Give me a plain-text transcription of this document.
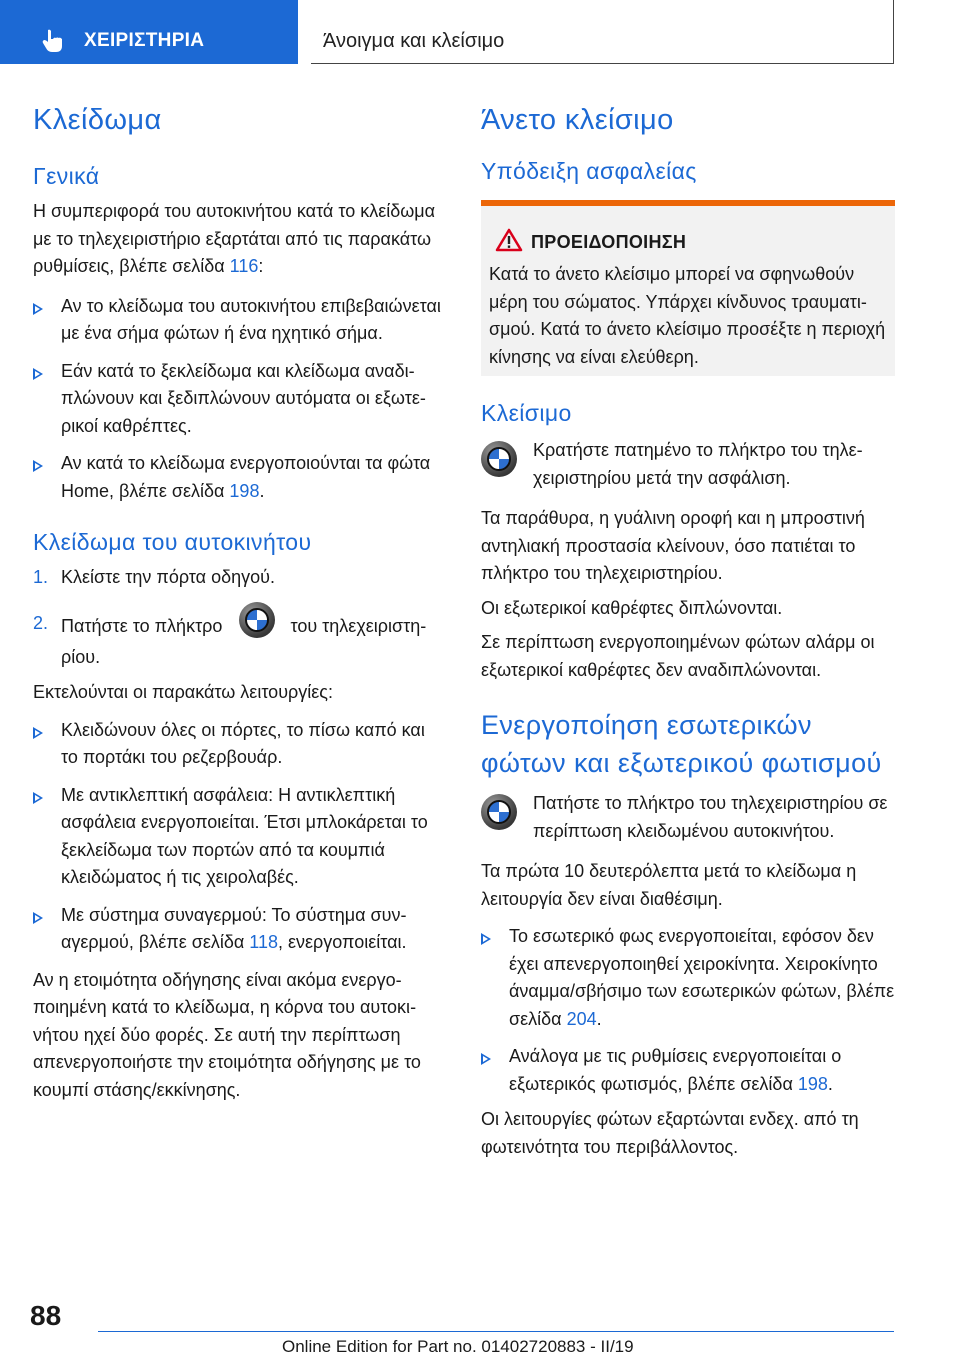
ΧΕΙΡΙΣΤΗΡΙΑ	Άνοιγμα και κλείσιμο
Κλείδωμα
Γενικά

Η συμπεριφορά του αυτοκινήτου κατά το κλείδωμα με το τηλεχειριστήριο εξαρτάται από τις παρακάτω ρυθμίσεις, βλέπε σελίδα 116:

Αν το κλείδωμα του αυτοκινήτου επιβεβαιώνεται με ένα σήμα φώτων ή ένα ηχητικό σήμα.
Εάν κατά το ξεκλείδωμα και κλείδωμα αναδιπλώνουν και ξεδιπλώνουν αυτόματα οι εξωτερικοί καθρέπτες.
Αν κατά το κλείδωμα ενεργοποιούνται τα φώτα Home, βλέπε σελίδα 198.
Κλείδωμα του αυτοκινήτου
1. Κλείστε την πόρτα οδηγού.
2. Πατήστε το πλήκτρο	του τηλεχειριστηρίου.

Εκτελούνται οι παρακάτω λειτουργίες:

Κλειδώνουν όλες οι πόρτες, το πίσω καπό και το πορτάκι του ρεζερβουάρ.
Με αντικλεπτική ασφάλεια: Η αντικλεπτική ασφάλεια ενεργοποιείται. Έτσι μπλοκάρεται το ξεκλείδωμα των πορτών από τα κουμπιά κλειδώματος ή τις χειρολαβές.
Με σύστημα συναγερμού: Το σύστημα συναγερμού, βλέπε σελίδα 118, ενεργοποιείται.

Αν η ετοιμότητα οδήγησης είναι ακόμα ενεργοποιημένη κατά το κλείδωμα, η κόρνα του αυτοκινήτου ηχεί δύο φορές. Σε αυτή την περίπτωση απενεργοποιήστε την ετοιμότητα οδήγησης με το κουμπί στάσης/εκκίνησης.

Άνετο κλείσιμο
Υπόδειξη ασφαλείας
ΠΡΟΕΙΔΟΠΟΙΗΣΗ
Κατά το άνετο κλείσιμο μπορεί να σφηνωθούν μέρη του σώματος. Υπάρχει κίνδυνος τραυματισμού. Κατά το άνετο κλείσιμο προσέξτε η περιοχή κίνησης να είναι ελεύθερη.
Κλείσιμο

Κρατήστε πατημένο το πλήκτρο του τηλεχειριστηρίου μετά την ασφάλιση.

Τα παράθυρα, η γυάλινη οροφή και η μπροστινή αντηλιακή προστασία κλείνουν, όσο πατιέται το πλήκτρο του τηλεχειριστηρίου.

Οι εξωτερικοί καθρέφτες διπλώνονται.

Σε περίπτωση ενεργοποιημένων φώτων αλάρμ οι εξωτερικοί καθρέφτες δεν αναδιπλώνονται.

Ενεργοποίηση εσωτερικών
φώτων και εξωτερικού φωτισμού

Πατήστε το πλήκτρο του τηλεχειριστηρίου σε περίπτωση κλειδωμένου αυτοκινήτου.

Τα πρώτα 10 δευτερόλεπτα μετά το κλείδωμα η λειτουργία δεν είναι διαθέσιμη.

Το εσωτερικό φως ενεργοποιείται, εφόσον δεν έχει απενεργοποιηθεί χειροκίνητα. Χειροκίνητο άναμμα/σβήσιμο των εσωτερικών φώτων, βλέπε σελίδα 204.
Ανάλογα με τις ρυθμίσεις ενεργοποιείται ο εξωτερικός φωτισμός, βλέπε σελίδα 198.

Οι λειτουργίες φώτων εξαρτώνται ενδεχ. από τη φωτεινότητα του περιβάλλοντος.

88
Online Edition for Part no. 01402720883 - II/19
